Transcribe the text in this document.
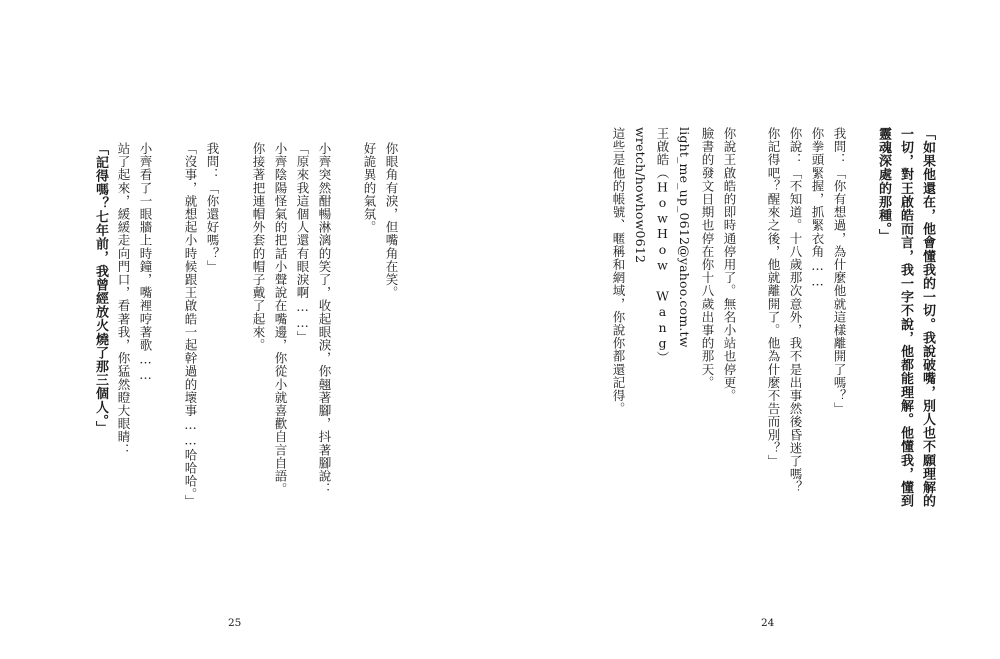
「如果他還在，他會懂我的一切。我說破嘴，別人也不願理解的
一切，對王啟皓而言，我一字不說，他都能理解。他懂我，懂到
靈魂深處的那種。」
我問：「你有想過，為什麼他就這樣離開了嗎？」
你拳頭緊握，抓緊衣角……
你說：「不知道。十八歲那次意外，我不是出事然後昏迷了嗎？
你記得吧？醒來之後，他就離開了。他為什麼不告而別？」
你說王啟皓的即時通停用了。無名小站也停更。
臉書的發文日期也停在你十八歲出事的那天。
light_me_up_0612@yahoo.com.tw
王啟皓（HowHow Wang）
wretch/howhow0612
這些是他的帳號、暱稱和網域，你說你都還記得。
24
你眼角有淚，但嘴角在笑。
好詭異的氣氛。
小齊突然酣暢淋漓的笑了，收起眼淚，你翹著腳，抖著腳說：
「原來我這個人還有眼淚啊……」
小齊陰陽怪氣的把話小聲說在嘴邊，你從小就喜歡自言自語。
你接著把連帽外套的帽子戴了起來。
我問：「你還好嗎？」
「沒事，就想起小時候跟王啟皓一起幹過的壞事……哈哈哈。」
小齊看了一眼牆上時鐘，嘴裡哼著歌……
站了起來，緩緩走向門口，看著我，你猛然瞪大眼睛：
「記得嗎？七年前，我曾經放火燒了那三個人。」
25
